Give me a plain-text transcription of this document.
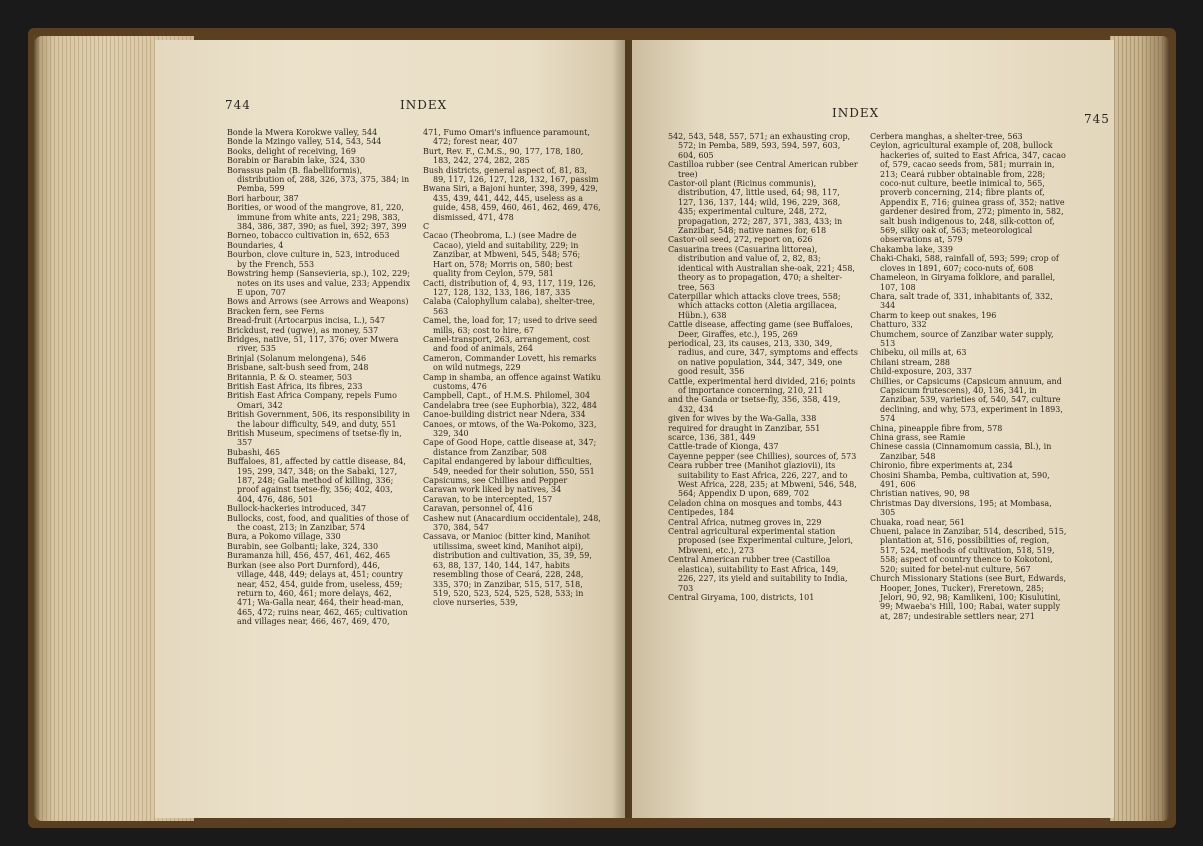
744	INDEX

Bonde la Mwera Korokwe valley, 544

Bonde la Mzingo valley, 514, 543, 544

Books, delight of receiving, 169

Borabin or Barabin lake, 324, 330

Borassus palm (B. flabelliformis), distribution of, 288, 326, 373, 375, 384; in Pemba, 599

Bori harbour, 387

Borities, or wood of the mangrove, 81, 220, immune from white ants, 221; 298, 383, 384, 386, 387, 390; as fuel, 392; 397, 399

Borneo, tobacco cultivation in, 652, 653

Boundaries, 4

Bourbon, clove culture in, 523, introduced by the French, 553

Bowstring hemp (Sansevieria, sp.), 102, 229; notes on its uses and value, 233; Appendix E upon, 707

Bows and Arrows (see Arrows and Weapons)

Bracken fern, see Ferns

Bread-fruit (Artocarpus incisa, L.), 547

Brickdust, red (ugwe), as money, 537

Bridges, native, 51, 117, 376; over Mwera river, 535

Brinjal (Solanum melongena), 546

Brisbane, salt-bush seed from, 248

Britannia, P. & O. steamer, 503

British East Africa, its fibres, 233

British East Africa Company, repels Fumo Omari, 342

British Government, 506, its responsibility in the labour difficulty, 549, and duty, 551

British Museum, specimens of tsetse-fly in, 357

Bubashi, 465

Buffaloes, 81, affected by cattle disease, 84, 195, 299, 347, 348; on the Sabaki, 127, 187, 248; Galla method of killing, 336; proof against tsetse-fly, 356; 402, 403, 404, 476, 486, 501

Bullock-hackeries introduced, 347

Bullocks, cost, food, and qualities of those of the coast, 213; in Zanzibar, 574

Bura, a Pokomo village, 330

Burabin, see Golbanti; lake, 324, 330

Buramanza hill, 456, 457, 461, 462, 465

Burkan (see also Port Durnford), 446, village, 448, 449; delays at, 451; country near, 452, 454, guide from, useless, 459; return to, 460, 461; more delays, 462, 471; Wa-Galla near, 464, their head-man, 465, 472; ruins near, 462, 465; cultivation and villages near, 466, 467, 469, 470,

471, Fumo Omari's influence paramount, 472; forest near, 407

Burt, Rev. F., C.M.S., 90, 177, 178, 180, 183, 242, 274, 282, 285

Bush districts, general aspect of, 81, 83, 89, 117, 126, 127, 128, 132, 167, passim

Bwana Siri, a Bajoni hunter, 398, 399, 429, 435, 439, 441, 442, 445, useless as a guide, 458, 459, 460, 461, 462, 469, 476, dismissed, 471, 478

C

Cacao (Theobroma, L.) (see Madre de Cacao), yield and suitability, 229; in Zanzibar, at Mbweni, 545, 548; 576; Hart on, 578; Morris on, 580; best quality from Ceylon, 579, 581

Cacti, distribution of, 4, 93, 117, 119, 126, 127, 128, 132, 133, 186, 187, 335

Calaba (Calophyllum calaba), shelter-tree, 563

Camel, the, load for, 17; used to drive seed mills, 63; cost to hire, 67

Camel-transport, 263, arrangement, cost and food of animals, 264

Cameron, Commander Lovett, his remarks on wild nutmegs, 229

Camp in shamba, an offence against Watiku customs, 476

Campbell, Capt., of H.M.S. Philomel, 304

Candelabra tree (see Euphorbia), 322, 484

Canoe-building district near Ndera, 334

Canoes, or mtows, of the Wa-Pokomo, 323, 329, 340

Cape of Good Hope, cattle disease at, 347; distance from Zanzibar, 508

Capital endangered by labour difficulties, 549, needed for their solution, 550, 551

Capsicums, see Chillies and Pepper

Caravan work liked by natives, 34

Caravan, to be intercepted, 157

Caravan, personnel of, 416

Cashew nut (Anacardium occidentale), 248, 370, 384, 547

Cassava, or Manioc (bitter kind, Manihot utilissima, sweet kind, Manihot aipi), distribution and cultivation, 35, 39, 59, 63, 88, 137, 140, 144, 147, habits resembling those of Ceará, 228, 248, 335, 370; in Zanzibar, 515, 517, 518, 519, 520, 523, 524, 525, 528, 533; in clove nurseries, 539,

INDEX	745

542, 543, 548, 557, 571; an exhausting crop, 572; in Pemba, 589, 593, 594, 597, 603, 604, 605

Castilloa rubber (see Central American rubber tree)

Castor-oil plant (Ricinus communis), distribution, 47, little used, 64; 98, 117, 127, 136, 137, 144; wild, 196, 229, 368, 435; experimental culture, 248, 272, propagation, 272; 287, 371, 383, 433; in Zanzibar, 548; native names for, 618

Castor-oil seed, 272, report on, 626

Casuarina trees (Casuarina littorea), distribution and value of, 2, 82, 83; identical with Australian she-oak, 221; 458, theory as to propagation, 470; a shelter-tree, 563

Caterpillar which attacks clove trees, 558; which attacks cotton (Aletia argillacea, Hübn.), 638

Cattle disease, affecting game (see Buffaloes, Deer, Giraffes, etc.), 195, 269

periodical, 23, its causes, 213, 330, 349, radius, and cure, 347, symptoms and effects on native population, 344, 347, 349, one good result, 356

Cattle, experimental herd divided, 216; points of importance concerning, 210, 211

and the Ganda or tsetse-fly, 356, 358, 419, 432, 434

given for wives by the Wa-Galla, 338

required for draught in Zanzibar, 551

scarce, 136, 381, 449

Cattle-trade of Kionga, 437

Cayenne pepper (see Chillies), sources of, 573

Ceara rubber tree (Manihot glaziovii), its suitability to East Africa, 226, 227, and to West Africa, 228, 235; at Mbweni, 546, 548, 564; Appendix D upon, 689, 702

Celadon china on mosques and tombs, 443

Centipedes, 184

Central Africa, nutmeg groves in, 229

Central agricultural experimental station proposed (see Experimental culture, Jelori, Mbweni, etc.), 273

Central American rubber tree (Castilloa elastica), suitability to East Africa, 149, 226, 227, its yield and suitability to India, 703

Central Giryama, 100, districts, 101

Cerbera manghas, a shelter-tree, 563

Ceylon, agricultural example of, 208, bullock hackeries of, suited to East Africa, 347, cacao of, 579, cacao seeds from, 581; murrain in, 213; Ceará rubber obtainable from, 228; coco-nut culture, beetle inimical to, 565, proverb concerning, 214; fibre plants of, Appendix E, 716; guinea grass of, 352; native gardener desired from, 272; pimento in, 582, salt bush indigenous to, 248, silk-cotton of, 569, silky oak of, 563; meteorological observations at, 579

Chakamba lake, 339

Chaki-Chaki, 588, rainfall of, 593; 599; crop of cloves in 1891, 607; coco-nuts of, 608

Chameleon, in Giryama folklore, and parallel, 107, 108

Chara, salt trade of, 331, inhabitants of, 332, 344

Charm to keep out snakes, 196

Chatturo, 332

Chumchem, source of Zanzibar water supply, 513

Chibeku, oil mills at, 63

Chilani stream, 288

Child-exposure, 203, 337

Chillies, or Capsicums (Capsicum annuum, and Capsicum frutescens), 40, 136, 341, in Zanzibar, 539, varieties of, 540, 547, culture declining, and why, 573, experiment in 1893, 574

China, pineapple fibre from, 578

China grass, see Ramie

Chinese cassia (Cinnamomum cassia, Bl.), in Zanzibar, 548

Chironio, fibre experiments at, 234

Chosini Shamba, Pemba, cultivation at, 590, 491, 606

Christian natives, 90, 98

Christmas Day diversions, 195; at Mombasa, 305

Chuaka, road near, 561

Chueni, palace in Zanzibar, 514, described, 515, plantation at, 516, possibilities of, region, 517, 524, methods of cultivation, 518, 519, 558; aspect of country thence to Kokotoni, 520; suited for betel-nut culture, 567

Church Missionary Stations (see Burt, Edwards, Hooper, Jones, Tucker), Freretown, 285; Jelori, 90, 92, 98; Kamlikeni, 100; Kisulutini, 99; Mwaeba's Hill, 100; Rabai, water supply at, 287; undesirable settlers near, 271
